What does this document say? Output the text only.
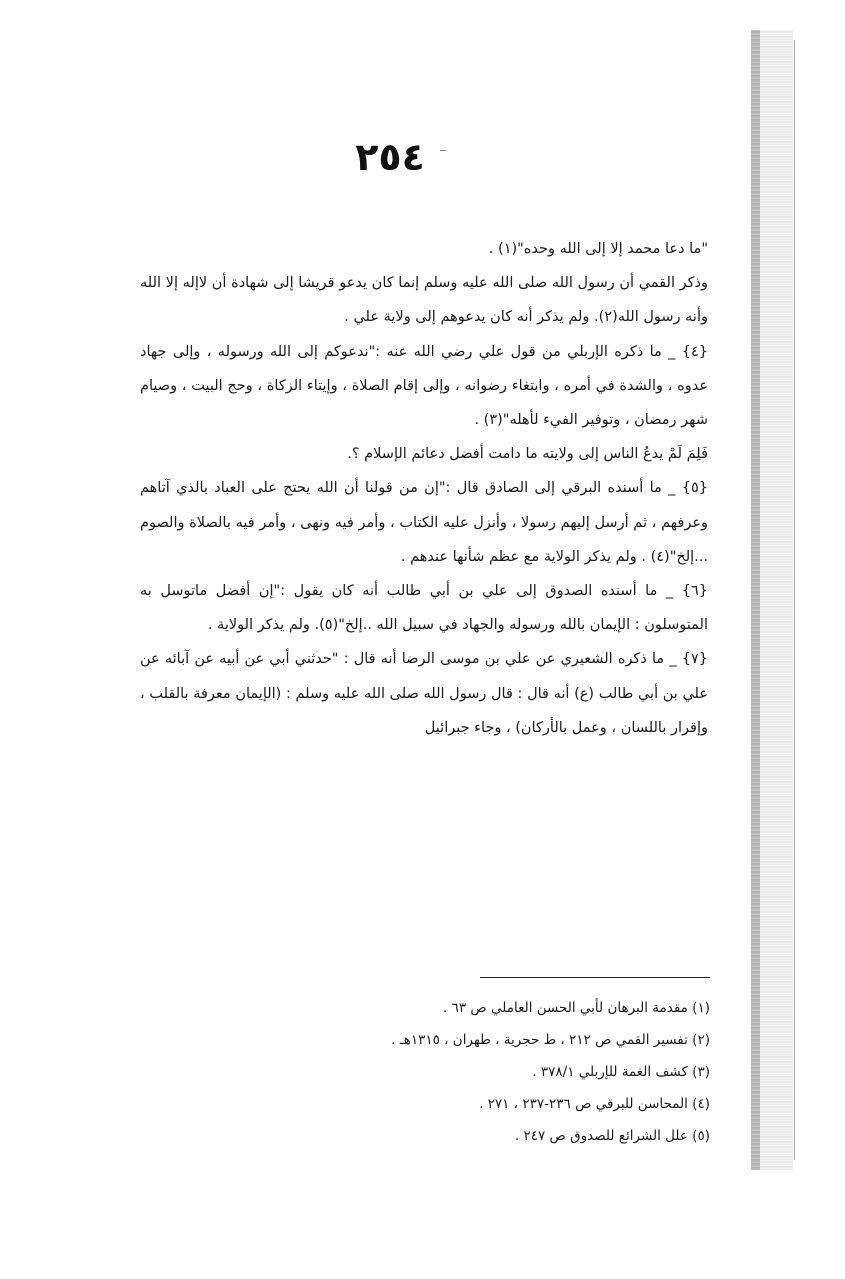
٢٥٤

"ما دعا محمد إلا إلى الله وحده"(١) .

وذكر القمي أن رسول الله صلى الله عليه وسلم إنما كان يدعو قريشا إلى شهادة أن لاإله إلا الله وأنه رسول الله(٢). ولم يذكر أنه كان يدعوهم إلى ولاية علي .

{٤} _ ما ذكره الإربلي من قول علي رضي الله عنه :"ندعوكم إلى الله ورسوله ، وإلى جهاد عدوه ، والشدة في أمره ، وابتغاء رضوانه ، وإلى إقام الصلاة ، وإيتاء الزكاة ، وحج البيت ، وصيام شهر رمضان ، وتوفير الفيء لأهله"(٣) .

فَلِمَ لَمْ يدعُ الناس إلى ولايته ما دامت أفضل دعائم الإسلام ؟.

{٥} _ ما أسنده البرقي إلى الصادق قال :"إن من قولنا أن الله يحتج على العباد بالذي آتاهم وعرفهم ، ثم أرسل إليهم رسولا ، وأنزل عليه الكتاب ، وأمر فيه ونهى ، وأمر فيه بالصلاة والصوم ...إلخ"(٤) . ولم يذكر الولاية مع عظم شأنها عندهم .

{٦} _ ما أسنده الصدوق إلى علي بن أبي طالب أنه كان يقول :"إن أفضل ماتوسل به المتوسلون : الإيمان بالله ورسوله والجهاد في سبيل الله ..إلخ"(٥). ولم يذكر الولاية .

{٧} _ ما ذكره الشعيري عن علي بن موسى الرضا أنه قال : "حدثني أبي عن أبيه عن آبائه عن علي بن أبي طالب (ع) أنه قال : قال رسول الله صلى الله عليه وسلم : (الإيمان معرفة بالقلب ، وإقرار باللسان ، وعمل بالأركان) ، وجاء جبرائيل

(١) مقدمة البرهان لأبي الحسن العاملي ص ٦٣ .

(٢) تفسير القمي ص ٢١٢ ، ط حجرية ، طهران ، ١٣١٥هـ .

(٣) كشف الغمة للإربلي ٣٧٨/١ .

(٤) المحاسن للبرقي ص ٢٣٦-٢٣٧ ، ٢٧١ .

(٥) علل الشرائع للصدوق ص ٢٤٧ .
